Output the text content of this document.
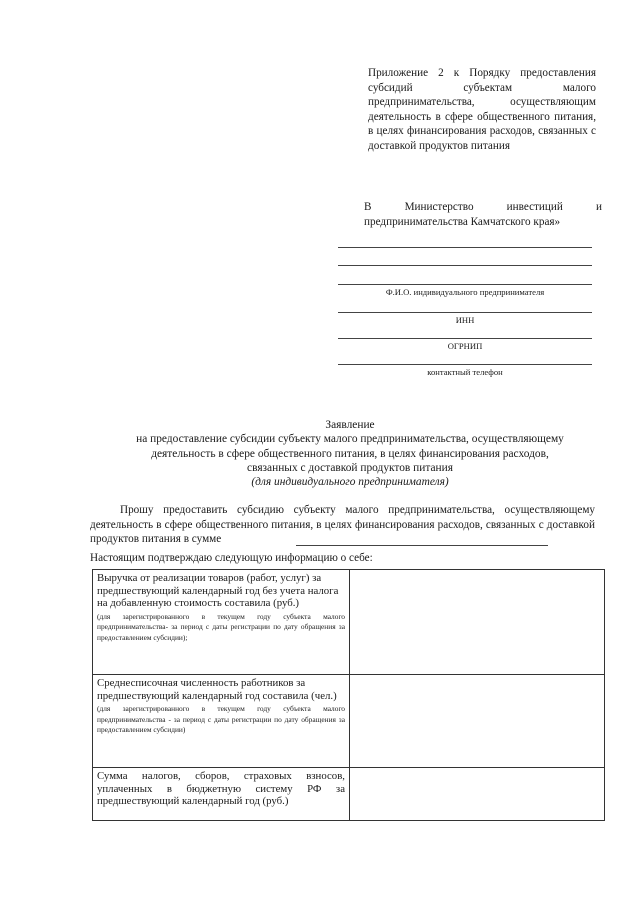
Приложение 2 к Порядку предоставления субсидий субъектам малого предпринимательства, осуществляющим деятельность в сфере общественного питания, в целях финансирования расходов, связанных с доставкой продуктов питания
В	Министерство	инвестиций	и
предпринимательства Камчатского края»
Ф.И.О. индивидуального предпринимателя
ИНН
ОГРНИП
контактный телефон
Заявление
на предоставление субсидии субъекту малого предпринимательства, осуществляющему
деятельность в сфере общественного питания, в целях финансирования расходов,
связанных с доставкой продуктов питания
(для индивидуального предпринимателя)
Прошу предоставить субсидию субъекту малого предпринимательства, осуществляющему деятельность в сфере общественного питания, в целях финансирования расходов, связанных с доставкой продуктов питания в сумме
Настоящим подтверждаю следующую информацию о себе:
Выручка от реализации товаров (работ, услуг) за предшествующий календарный год без учета налога на добавленную стоимость составила (руб.)
(для зарегистрированного в текущем году субъекта малого предпринимательства- за период с даты регистрации по дату обращения за предоставлением субсидии);	

Среднесписочная численность работников за предшествующий календарный год составила (чел.)
(для зарегистрированного в текущем году субъекта малого предпринимательства - за период с даты регистрации по дату обращения за предоставлением субсидии)	

Сумма налогов, сборов, страховых взносов, уплаченных в бюджетную систему РФ за предшествующий календарный год (руб.)	
